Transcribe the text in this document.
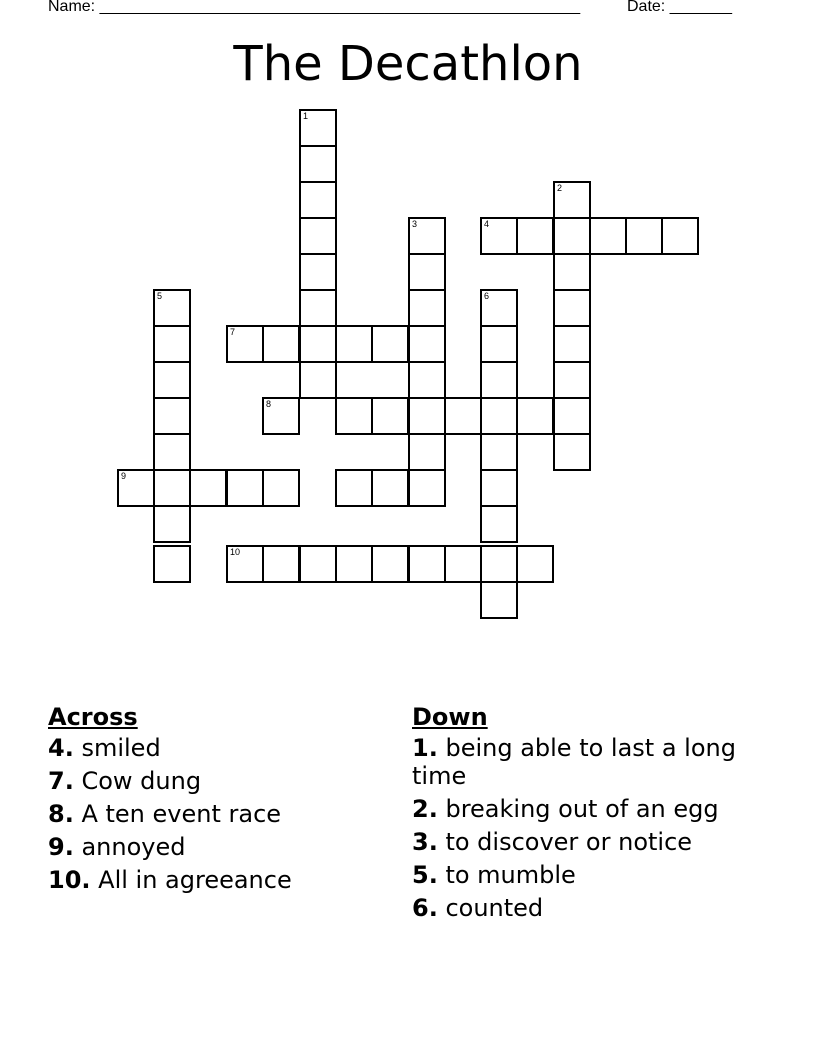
Name: ______________________________________________________	Date: _______
The Decathlon
1
2
3	4
5	6
7
8
9
10
Across
4. smiled
7. Cow dung
8. A ten event race
9. annoyed
10. All in agreeance
Down
1. being able to last a long time
2. breaking out of an egg
3. to discover or notice
5. to mumble
6. counted
